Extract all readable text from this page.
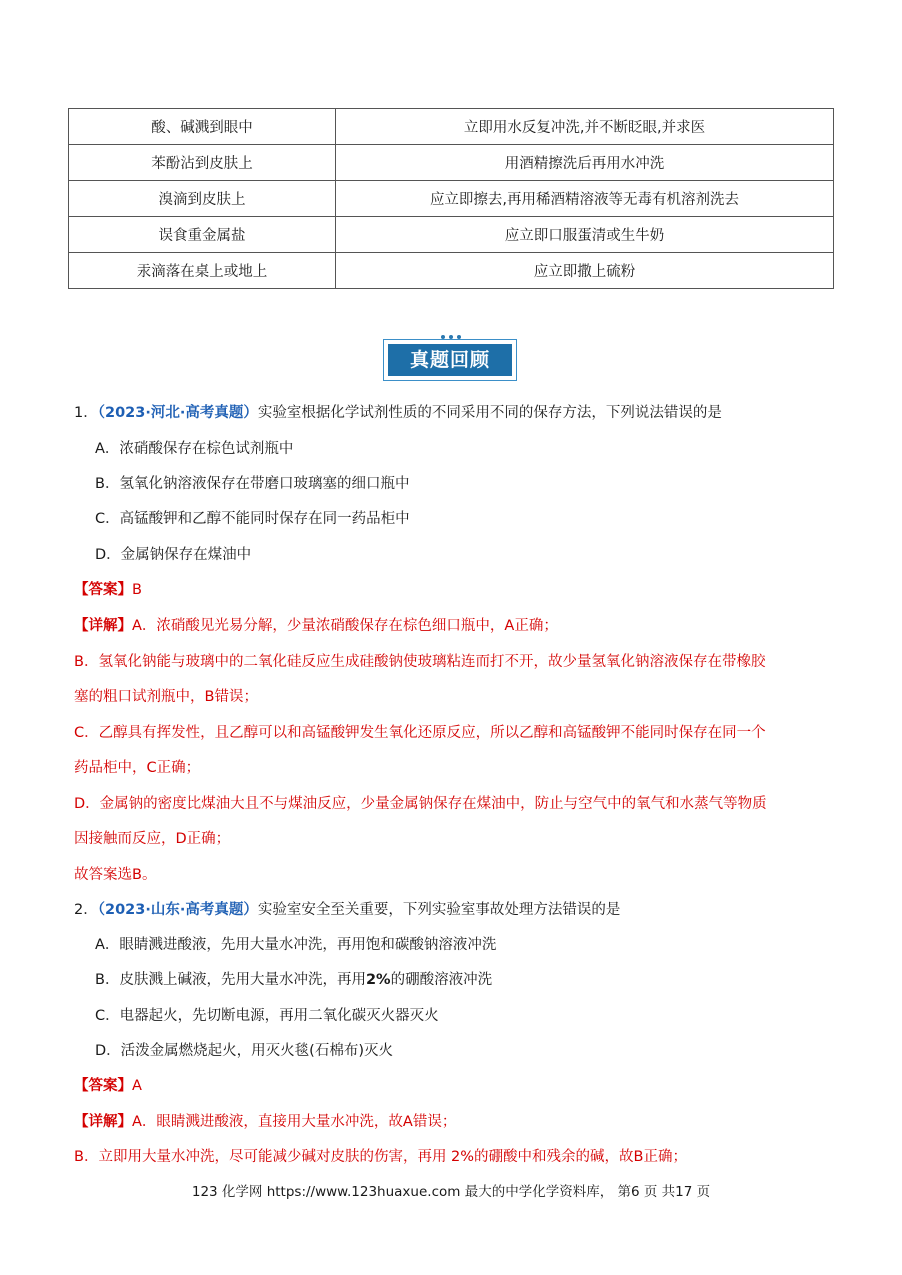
酸、碱溅到眼中	立即用水反复冲洗,并不断眨眼,并求医
苯酚沾到皮肤上	用酒精擦洗后再用水冲洗
溴滴到皮肤上	应立即擦去,再用稀酒精溶液等无毒有机溶剂洗去
误食重金属盐	应立即口服蛋清或生牛奶
汞滴落在桌上或地上	应立即撒上硫粉
真题回顾
1．（2023·河北·高考真题）实验室根据化学试剂性质的不同采用不同的保存方法，下列说法错误的是
A．浓硝酸保存在棕色试剂瓶中
B．氢氧化钠溶液保存在带磨口玻璃塞的细口瓶中
C．高锰酸钾和乙醇不能同时保存在同一药品柜中
D．金属钠保存在煤油中
【答案】B
【详解】A．浓硝酸见光易分解，少量浓硝酸保存在棕色细口瓶中，A正确；
B．氢氧化钠能与玻璃中的二氧化硅反应生成硅酸钠使玻璃粘连而打不开，故少量氢氧化钠溶液保存在带橡胶
塞的粗口试剂瓶中，B错误；
C．乙醇具有挥发性，且乙醇可以和高锰酸钾发生氧化还原反应，所以乙醇和高锰酸钾不能同时保存在同一个
药品柜中，C正确；
D．金属钠的密度比煤油大且不与煤油反应，少量金属钠保存在煤油中，防止与空气中的氧气和水蒸气等物质
因接触而反应，D正确；
故答案选B。
2．（2023·山东·高考真题）实验室安全至关重要，下列实验室事故处理方法错误的是
A．眼睛溅进酸液，先用大量水冲洗，再用饱和碳酸钠溶液冲洗
B．皮肤溅上碱液，先用大量水冲洗，再用2%的硼酸溶液冲洗
C．电器起火，先切断电源，再用二氧化碳灭火器灭火
D．活泼金属燃烧起火，用灭火毯(石棉布)灭火
【答案】A
【详解】A．眼睛溅进酸液，直接用大量水冲洗，故A错误；
B．立即用大量水冲洗，尽可能减少碱对皮肤的伤害，再用 2%的硼酸中和残余的碱，故B正确；
123 化学网 https://www.123huaxue.com 最大的中学化学资料库， 第6 页 共17 页
